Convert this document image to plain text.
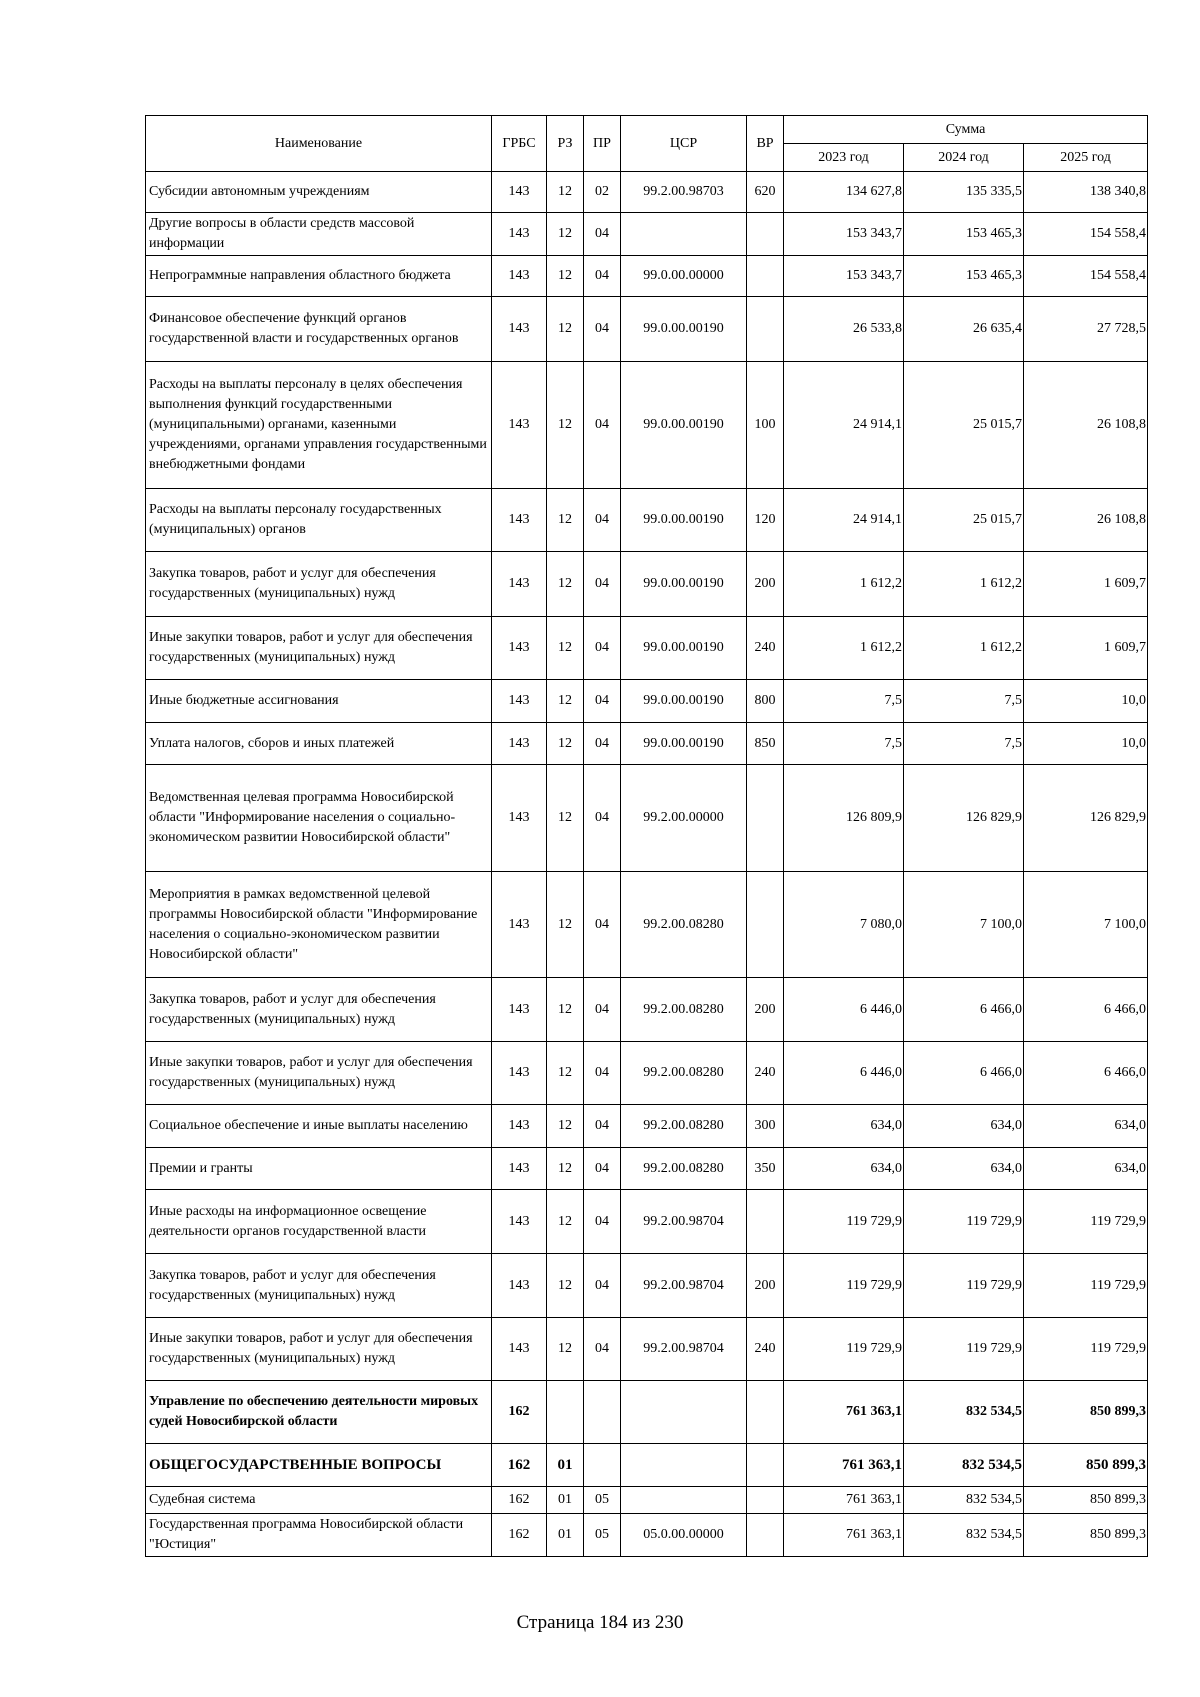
Наименование	ГРБС	РЗ	ПР	ЦСР	ВР	Сумма		
						2023 год	2024 год	2025 год
Субсидии автономным учреждениям	143	12	02	99.2.00.98703	620	134 627,8	135 335,5	138 340,8
Другие вопросы в области средств массовой информации	143	12	04			153 343,7	153 465,3	154 558,4
Непрограммные направления областного бюджета	143	12	04	99.0.00.00000		153 343,7	153 465,3	154 558,4
Финансовое обеспечение функций органов государственной власти и государственных органов	143	12	04	99.0.00.00190		26 533,8	26 635,4	27 728,5
Расходы на выплаты персоналу в целях обеспечения выполнения функций государственными (муниципальными) органами, казенными учреждениями, органами управления государственными внебюджетными фондами	143	12	04	99.0.00.00190	100	24 914,1	25 015,7	26 108,8
Расходы на выплаты персоналу государственных (муниципальных) органов	143	12	04	99.0.00.00190	120	24 914,1	25 015,7	26 108,8
Закупка товаров, работ и услуг для обеспечения государственных (муниципальных) нужд	143	12	04	99.0.00.00190	200	1 612,2	1 612,2	1 609,7
Иные закупки товаров, работ и услуг для обеспечения государственных (муниципальных) нужд	143	12	04	99.0.00.00190	240	1 612,2	1 612,2	1 609,7
Иные бюджетные ассигнования	143	12	04	99.0.00.00190	800	7,5	7,5	10,0
Уплата налогов, сборов и иных платежей	143	12	04	99.0.00.00190	850	7,5	7,5	10,0
Ведомственная целевая программа Новосибирской области "Информирование населения о социально-экономическом развитии Новосибирской области"	143	12	04	99.2.00.00000		126 809,9	126 829,9	126 829,9
Мероприятия в рамках ведомственной целевой программы Новосибирской области "Информирование населения о социально-экономическом развитии Новосибирской области"	143	12	04	99.2.00.08280		7 080,0	7 100,0	7 100,0
Закупка товаров, работ и услуг для обеспечения государственных (муниципальных) нужд	143	12	04	99.2.00.08280	200	6 446,0	6 466,0	6 466,0
Иные закупки товаров, работ и услуг для обеспечения государственных (муниципальных) нужд	143	12	04	99.2.00.08280	240	6 446,0	6 466,0	6 466,0
Социальное обеспечение и иные выплаты населению	143	12	04	99.2.00.08280	300	634,0	634,0	634,0
Премии и гранты	143	12	04	99.2.00.08280	350	634,0	634,0	634,0
Иные расходы на информационное освещение деятельности органов государственной власти	143	12	04	99.2.00.98704		119 729,9	119 729,9	119 729,9
Закупка товаров, работ и услуг для обеспечения государственных (муниципальных) нужд	143	12	04	99.2.00.98704	200	119 729,9	119 729,9	119 729,9
Иные закупки товаров, работ и услуг для обеспечения государственных (муниципальных) нужд	143	12	04	99.2.00.98704	240	119 729,9	119 729,9	119 729,9
Управление по обеспечению деятельности мировых судей Новосибирской области	162					761 363,1	832 534,5	850 899,3
ОБЩЕГОСУДАРСТВЕННЫЕ ВОПРОСЫ	162	01				761 363,1	832 534,5	850 899,3
Судебная система	162	01	05			761 363,1	832 534,5	850 899,3
Государственная программа Новосибирской области "Юстиция"	162	01	05	05.0.00.00000		761 363,1	832 534,5	850 899,3
Страница 184 из 230
